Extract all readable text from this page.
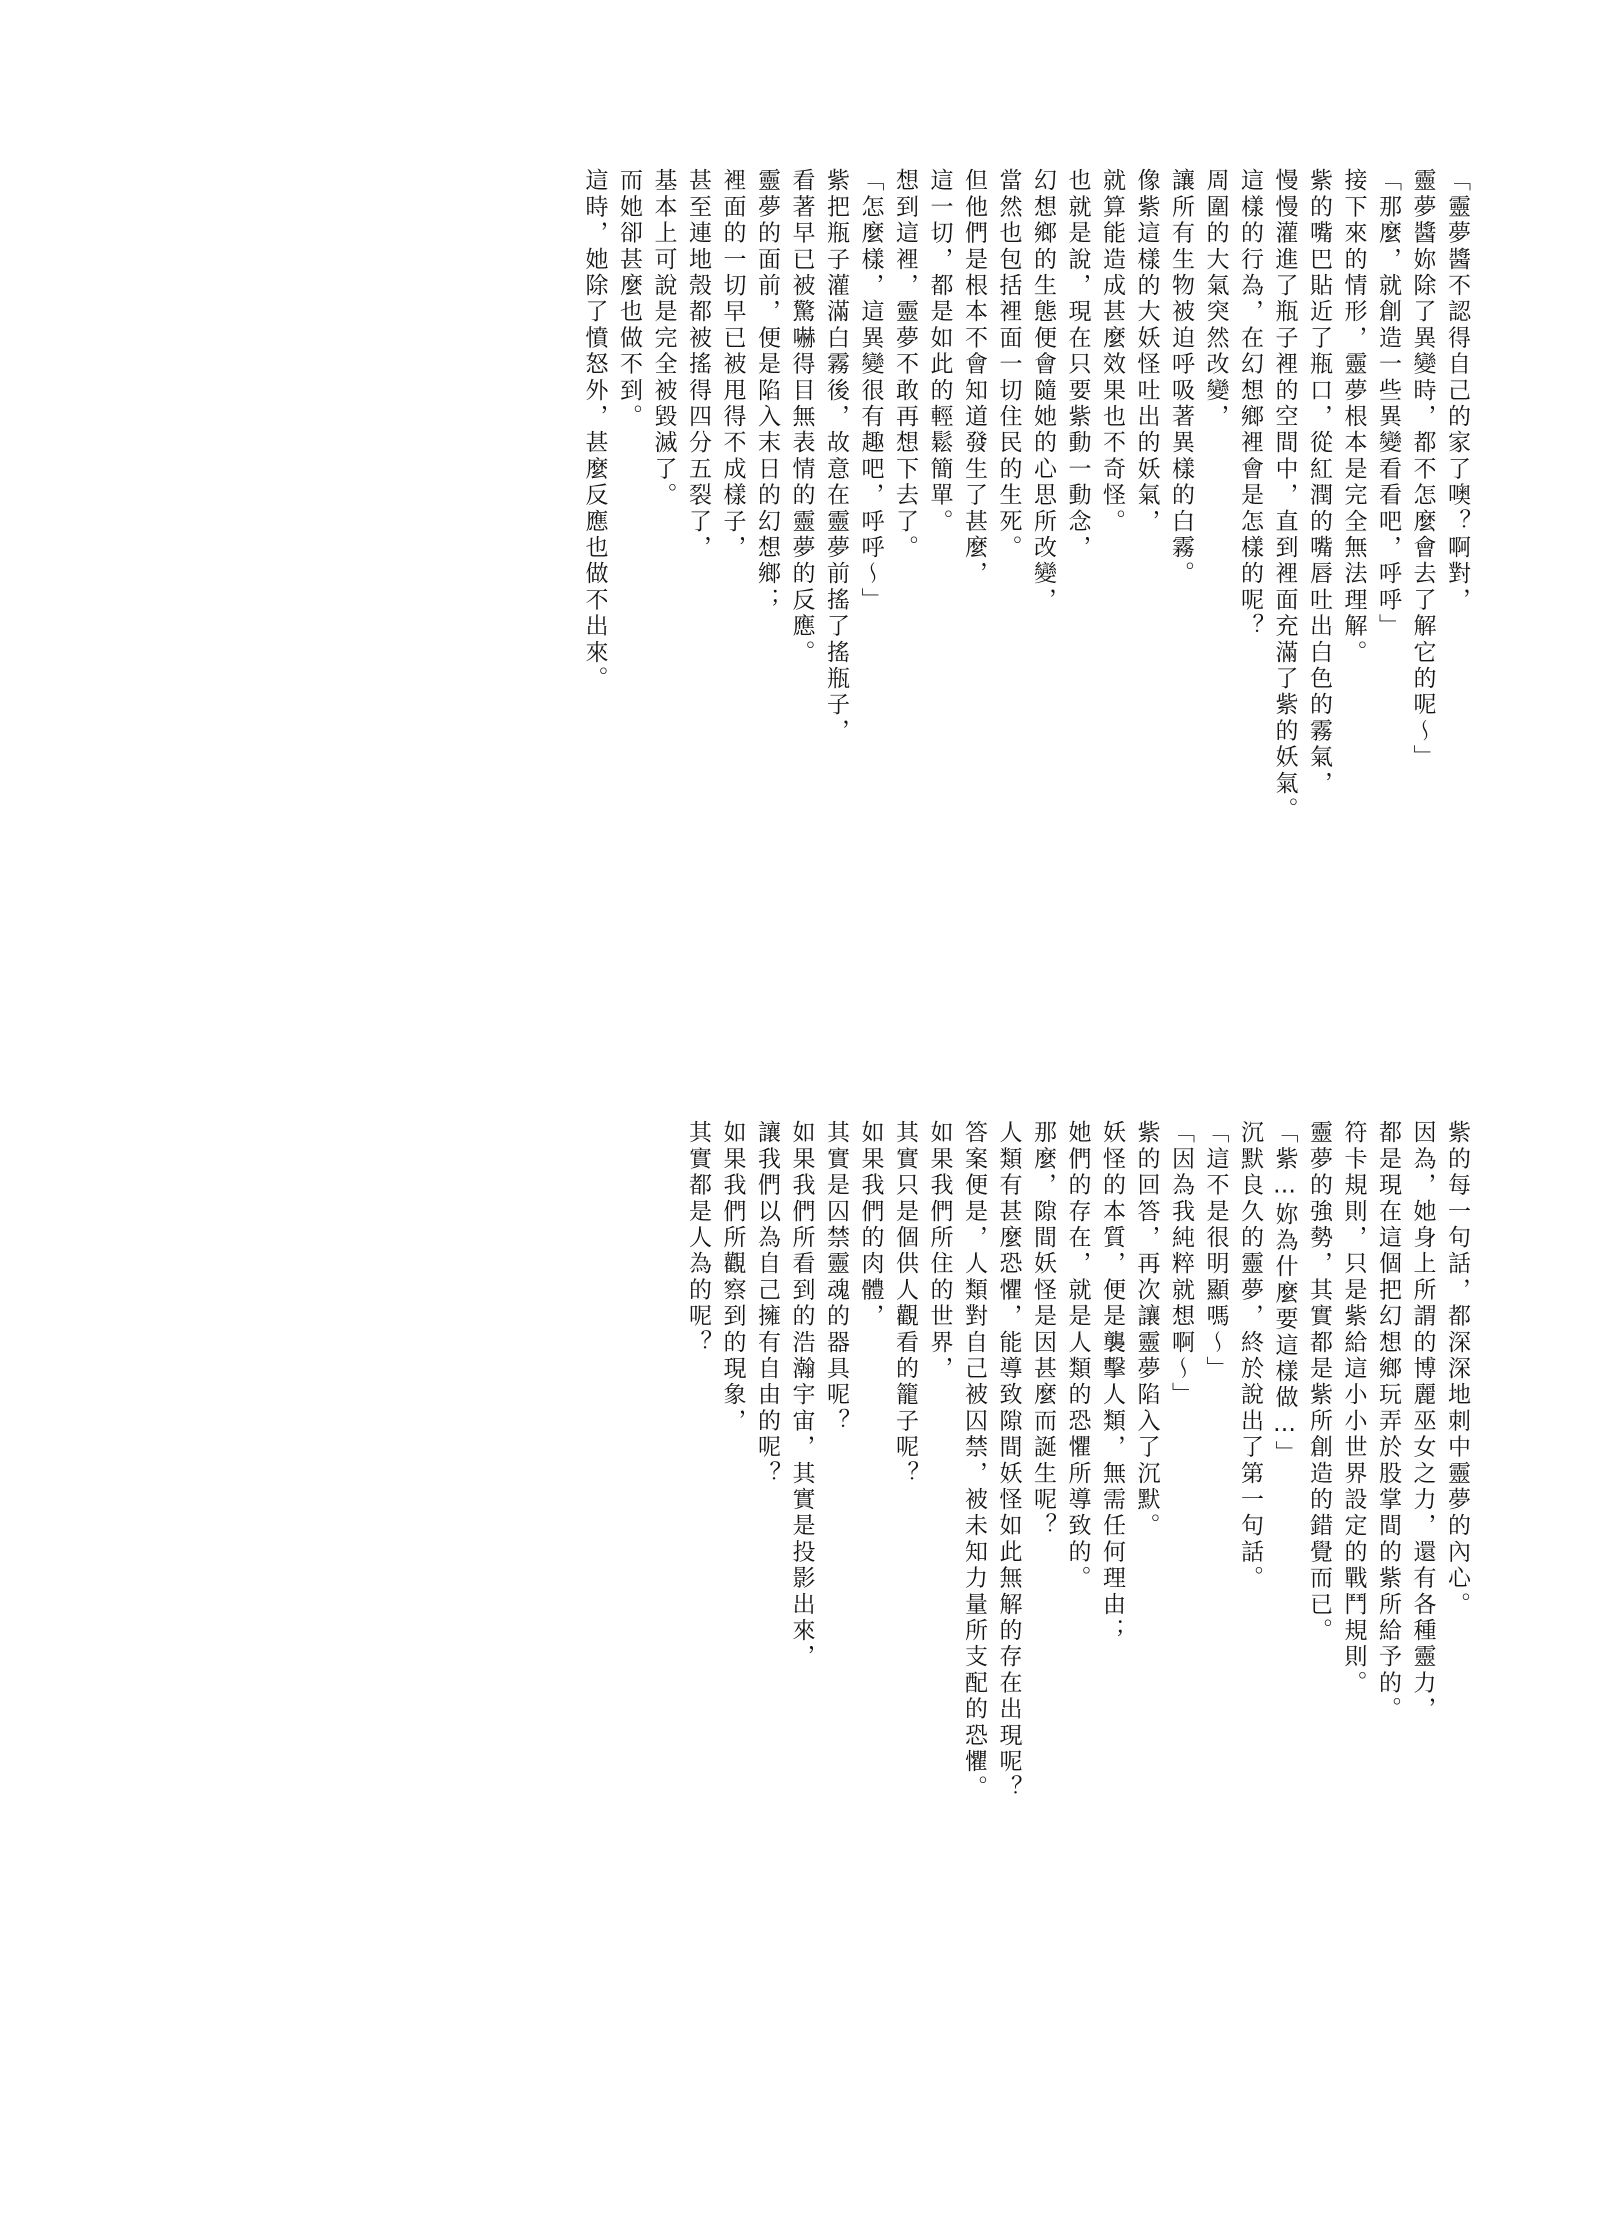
「靈夢醬不認得自己的家了噢？啊對，
靈夢醬妳除了異變時，都不怎麼會去了解它的呢～」
「那麼，就創造一些異變看看吧，呼呼」
接下來的情形，靈夢根本是完全無法理解。
紫的嘴巴貼近了瓶口，從紅潤的嘴唇吐出白色的霧氣，
慢慢灌進了瓶子裡的空間中，直到裡面充滿了紫的妖氣。
這樣的行為，在幻想鄉裡會是怎樣的呢？
周圍的大氣突然改變，
讓所有生物被迫呼吸著異樣的白霧。
像紫這樣的大妖怪吐出的妖氣，
就算能造成甚麼效果也不奇怪。
也就是說，現在只要紫動一動念，
幻想鄉的生態便會隨她的心思所改變，
當然也包括裡面一切住民的生死。
但他們是根本不會知道發生了甚麼，
這一切，都是如此的輕鬆簡單。
想到這裡，靈夢不敢再想下去了。
「怎麼樣，這異變很有趣吧，呼呼～」
紫把瓶子灌滿白霧後，故意在靈夢前搖了搖瓶子，
看著早已被驚嚇得目無表情的靈夢的反應。
靈夢的面前，便是陷入末日的幻想鄉；
裡面的一切早已被甩得不成樣子，
甚至連地殼都被搖得四分五裂了，
基本上可說是完全被毀滅了。
而她卻甚麼也做不到。
這時，她除了憤怒外，甚麼反應也做不出來。
紫的每一句話，都深深地刺中靈夢的內心。
因為，她身上所謂的博麗巫女之力，還有各種靈力，
都是現在這個把幻想鄉玩弄於股掌間的紫所給予的。
符卡規則，只是紫給這小小世界設定的戰鬥規則。
靈夢的強勢，其實都是紫所創造的錯覺而已。
「紫…妳為什麼要這樣做…」
沉默良久的靈夢，終於說出了第一句話。
「這不是很明顯嗎～」
「因為我純粹就想啊～」
紫的回答，再次讓靈夢陷入了沉默。
妖怪的本質，便是襲擊人類，無需任何理由；
她們的存在，就是人類的恐懼所導致的。
那麼，隙間妖怪是因甚麼而誕生呢？
人類有甚麼恐懼，能導致隙間妖怪如此無解的存在出現呢？
答案便是，人類對自己被囚禁，被未知力量所支配的恐懼。
如果我們所住的世界，
其實只是個供人觀看的籠子呢？
如果我們的肉體，
其實是囚禁靈魂的器具呢？
如果我們所看到的浩瀚宇宙，其實是投影出來，
讓我們以為自己擁有自由的呢？
如果我們所觀察到的現象，
其實都是人為的呢？
